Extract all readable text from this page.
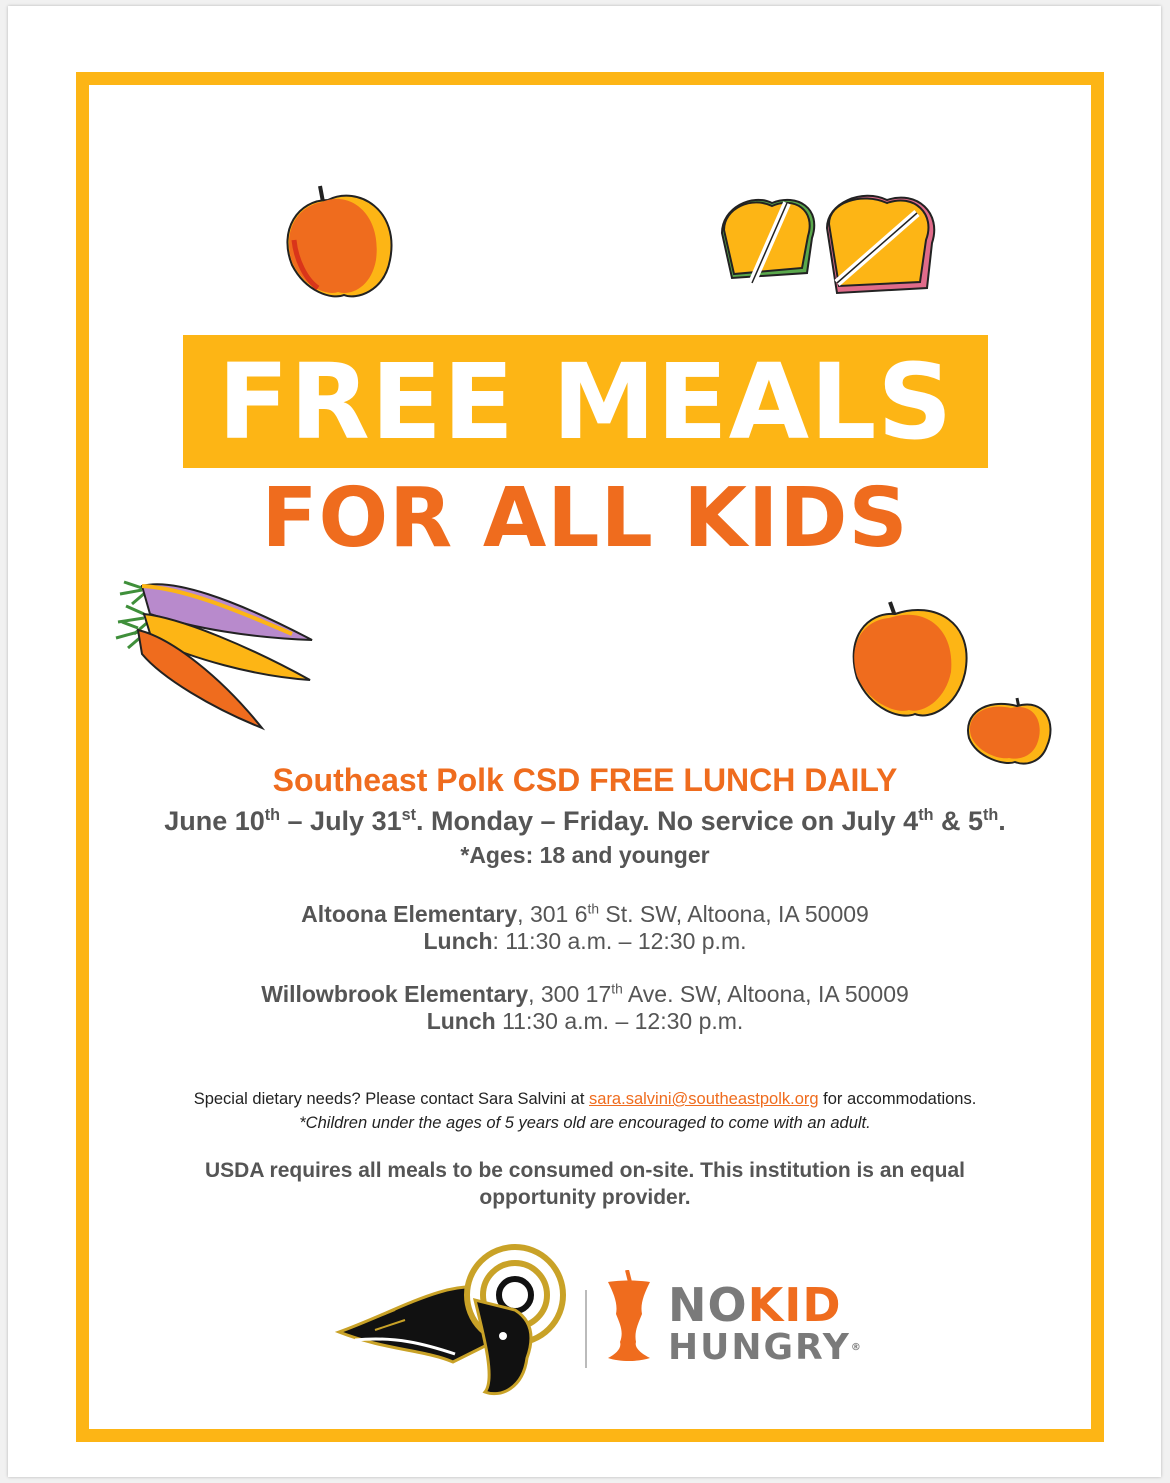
FREE MEALS
FOR ALL KIDS
Southeast Polk CSD FREE LUNCH DAILY
June 10th – July 31st. Monday – Friday. No service on July 4th & 5th.
*Ages: 18 and younger
Altoona Elementary, 301 6th St. SW, Altoona, IA 50009
Lunch: 11:30 a.m. – 12:30 p.m.
Willowbrook Elementary, 300 17th Ave. SW, Altoona, IA 50009
Lunch 11:30 a.m. – 12:30 p.m.
Special dietary needs? Please contact Sara Salvini at sara.salvini@southeastpolk.org for accommodations.
*Children under the ages of 5 years old are encouraged to come with an adult.
USDA requires all meals to be consumed on-site. This institution is an equal
opportunity provider.
NOKID
HUNGRY®
